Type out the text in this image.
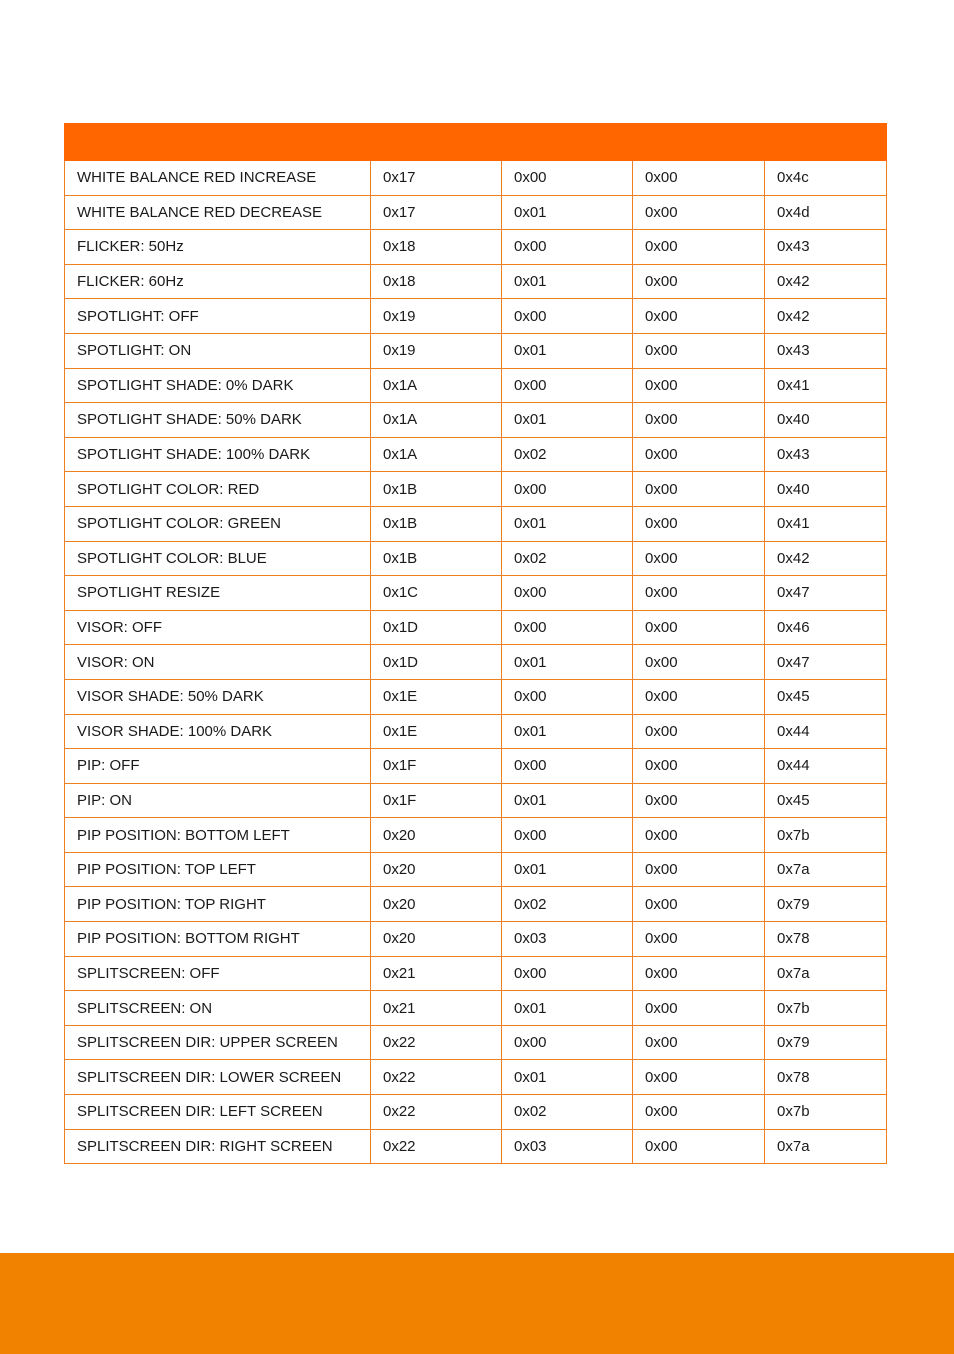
WHITE BALANCE RED INCREASE	0x17	0x00	0x00	0x4c
WHITE BALANCE RED DECREASE	0x17	0x01	0x00	0x4d
FLICKER: 50Hz	0x18	0x00	0x00	0x43
FLICKER: 60Hz	0x18	0x01	0x00	0x42
SPOTLIGHT: OFF	0x19	0x00	0x00	0x42
SPOTLIGHT: ON	0x19	0x01	0x00	0x43
SPOTLIGHT SHADE: 0% DARK	0x1A	0x00	0x00	0x41
SPOTLIGHT SHADE: 50% DARK	0x1A	0x01	0x00	0x40
SPOTLIGHT SHADE: 100% DARK	0x1A	0x02	0x00	0x43
SPOTLIGHT COLOR: RED	0x1B	0x00	0x00	0x40
SPOTLIGHT COLOR: GREEN	0x1B	0x01	0x00	0x41
SPOTLIGHT COLOR: BLUE	0x1B	0x02	0x00	0x42
SPOTLIGHT RESIZE	0x1C	0x00	0x00	0x47
VISOR: OFF	0x1D	0x00	0x00	0x46
VISOR: ON	0x1D	0x01	0x00	0x47
VISOR SHADE: 50% DARK	0x1E	0x00	0x00	0x45
VISOR SHADE: 100% DARK	0x1E	0x01	0x00	0x44
PIP: OFF	0x1F	0x00	0x00	0x44
PIP: ON	0x1F	0x01	0x00	0x45
PIP POSITION: BOTTOM LEFT	0x20	0x00	0x00	0x7b
PIP POSITION: TOP LEFT	0x20	0x01	0x00	0x7a
PIP POSITION: TOP RIGHT	0x20	0x02	0x00	0x79
PIP POSITION: BOTTOM RIGHT	0x20	0x03	0x00	0x78
SPLITSCREEN: OFF	0x21	0x00	0x00	0x7a
SPLITSCREEN: ON	0x21	0x01	0x00	0x7b
SPLITSCREEN DIR: UPPER SCREEN	0x22	0x00	0x00	0x79
SPLITSCREEN DIR: LOWER SCREEN	0x22	0x01	0x00	0x78
SPLITSCREEN DIR: LEFT SCREEN	0x22	0x02	0x00	0x7b
SPLITSCREEN DIR: RIGHT SCREEN	0x22	0x03	0x00	0x7a
